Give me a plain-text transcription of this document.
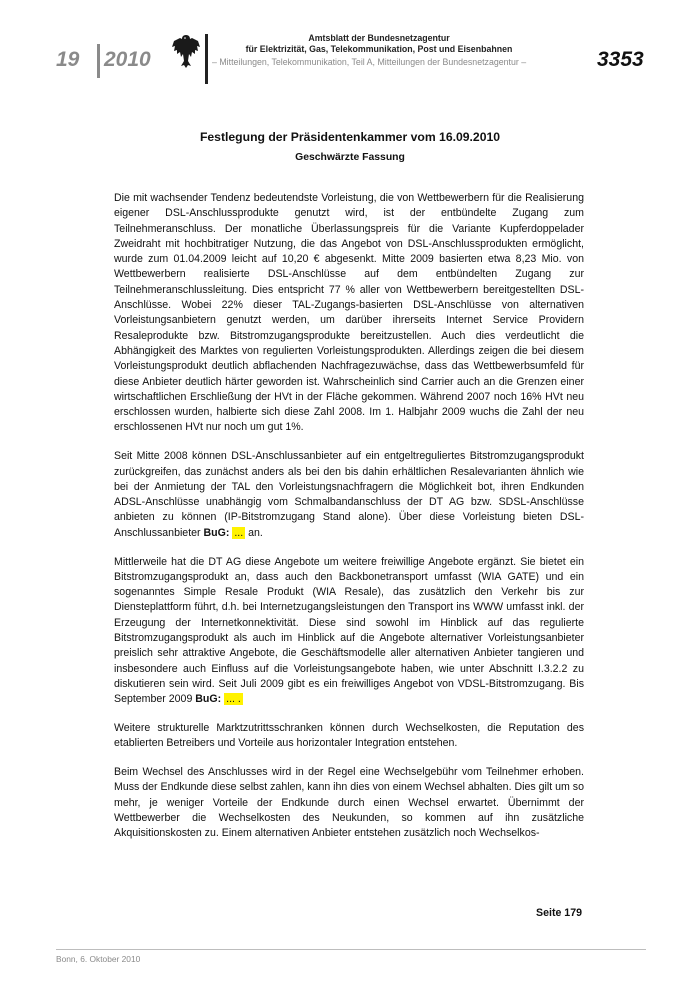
19 2010
Amtsblatt der Bundesnetzagentur
für Elektrizität, Gas, Telekommunikation, Post und Eisenbahnen
– Mitteilungen, Telekommunikation, Teil A, Mitteilungen der Bundesnetzagentur –	3353
Festlegung der Präsidentenkammer vom 16.09.2010
Geschwärzte Fassung

Die mit wachsender Tendenz bedeutendste Vorleistung, die von Wettbewerbern für die Realisierung eigener DSL-Anschlussprodukte genutzt wird, ist der entbündelte Zugang zum Teilnehmeranschluss. Der monatliche Überlassungspreis für die Variante Kupferdoppelader Zweidraht mit hochbitratiger Nutzung, die das Angebot von DSL-Anschlussprodukten ermöglicht, wurde zum 01.04.2009 leicht auf 10,20 € abgesenkt. Mitte 2009 basierten etwa 8,23 Mio. von Wettbewerbern realisierte DSL-Anschlüsse auf dem entbündelten Zugang zur Teilnehmeranschlussleitung. Dies entspricht 77 % aller von Wettbewerbern bereitgestellten DSL-Anschlüsse. Wobei 22% dieser TAL-Zugangs-basierten DSL-Anschlüsse von alternativen Vorleistungsanbietern genutzt werden, um darüber ihrerseits Internet Service Providern Resaleprodukte bzw. Bitstromzugangsprodukte bereitzustellen. Auch dies verdeutlicht die Abhängigkeit des Marktes von regulierten Vorleistungsprodukten. Allerdings zeigen die bei diesem Vorleistungsprodukt deutlich abflachenden Nachfragezuwächse, dass das Wettbewerbsumfeld für diese Anbieter deutlich härter geworden ist. Wahrscheinlich sind Carrier auch an die Grenzen einer wirtschaftlichen Erschließung der HVt in der Fläche gekommen. Während 2007 noch 16% HVt neu erschlossen wurden, halbierte sich diese Zahl 2008. Im 1. Halbjahr 2009 wuchs die Zahl der neu erschlossenen HVt nur noch um gut 1%.

Seit Mitte 2008 können DSL-Anschlussanbieter auf ein entgeltreguliertes Bitstromzugangsprodukt zurückgreifen, das zunächst anders als bei den bis dahin erhältlichen Resalevarianten ähnlich wie bei der Anmietung der TAL den Vorleistungsnachfragern die Möglichkeit bot, ihren Endkunden ADSL-Anschlüsse unabhängig vom Schmalbandanschluss der DT AG bzw. SDSL-Anschlüsse anbieten zu können (IP-Bitstromzugang Stand alone). Über diese Vorleistung bieten DSL-Anschlussanbieter BuG: ... an.

Mittlerweile hat die DT AG diese Angebote um weitere freiwillige Angebote ergänzt. Sie bietet ein Bitstromzugangsprodukt an, dass auch den Backbonetransport umfasst (WIA GATE) und ein sogenanntes Simple Resale Produkt (WIA Resale), das zusätzlich den Verkehr bis zur Diensteplattform führt, d.h. bei Internetzugangsleistungen den Transport ins WWW umfasst inkl. der Erzeugung der Internetkonnektivität. Diese sind sowohl im Hinblick auf das regulierte Bitstromzugangsprodukt als auch im Hinblick auf die Angebote alternativer Vorleistungsanbieter preislich sehr attraktive Angebote, die Geschäftsmodelle aller alternativen Anbieter tangieren und insbesondere auch Einfluss auf die Vorleistungsangebote haben, wie unter Abschnitt I.3.2.2 zu diskutieren sein wird. Seit Juli 2009 gibt es ein freiwilliges Angebot von VDSL-Bitstromzugang. Bis September 2009 BuG: ... .

Weitere strukturelle Marktzutrittsschranken können durch Wechselkosten, die Reputation des etablierten Betreibers und Vorteile aus horizontaler Integration entstehen.

Beim Wechsel des Anschlusses wird in der Regel eine Wechselgebühr vom Teilnehmer erhoben. Muss der Endkunde diese selbst zahlen, kann ihn dies von einem Wechsel abhalten. Dies gilt um so mehr, je weniger Vorteile der Endkunde durch einen Wechsel erwartet. Übernimmt der Wettbewerber die Wechselkosten des Neukunden, so kommen auf ihn zusätzliche Akquisitionskosten zu. Einem alternativen Anbieter entstehen zusätzlich noch Wechselkos-

Seite 179
Bonn, 6. Oktober 2010
